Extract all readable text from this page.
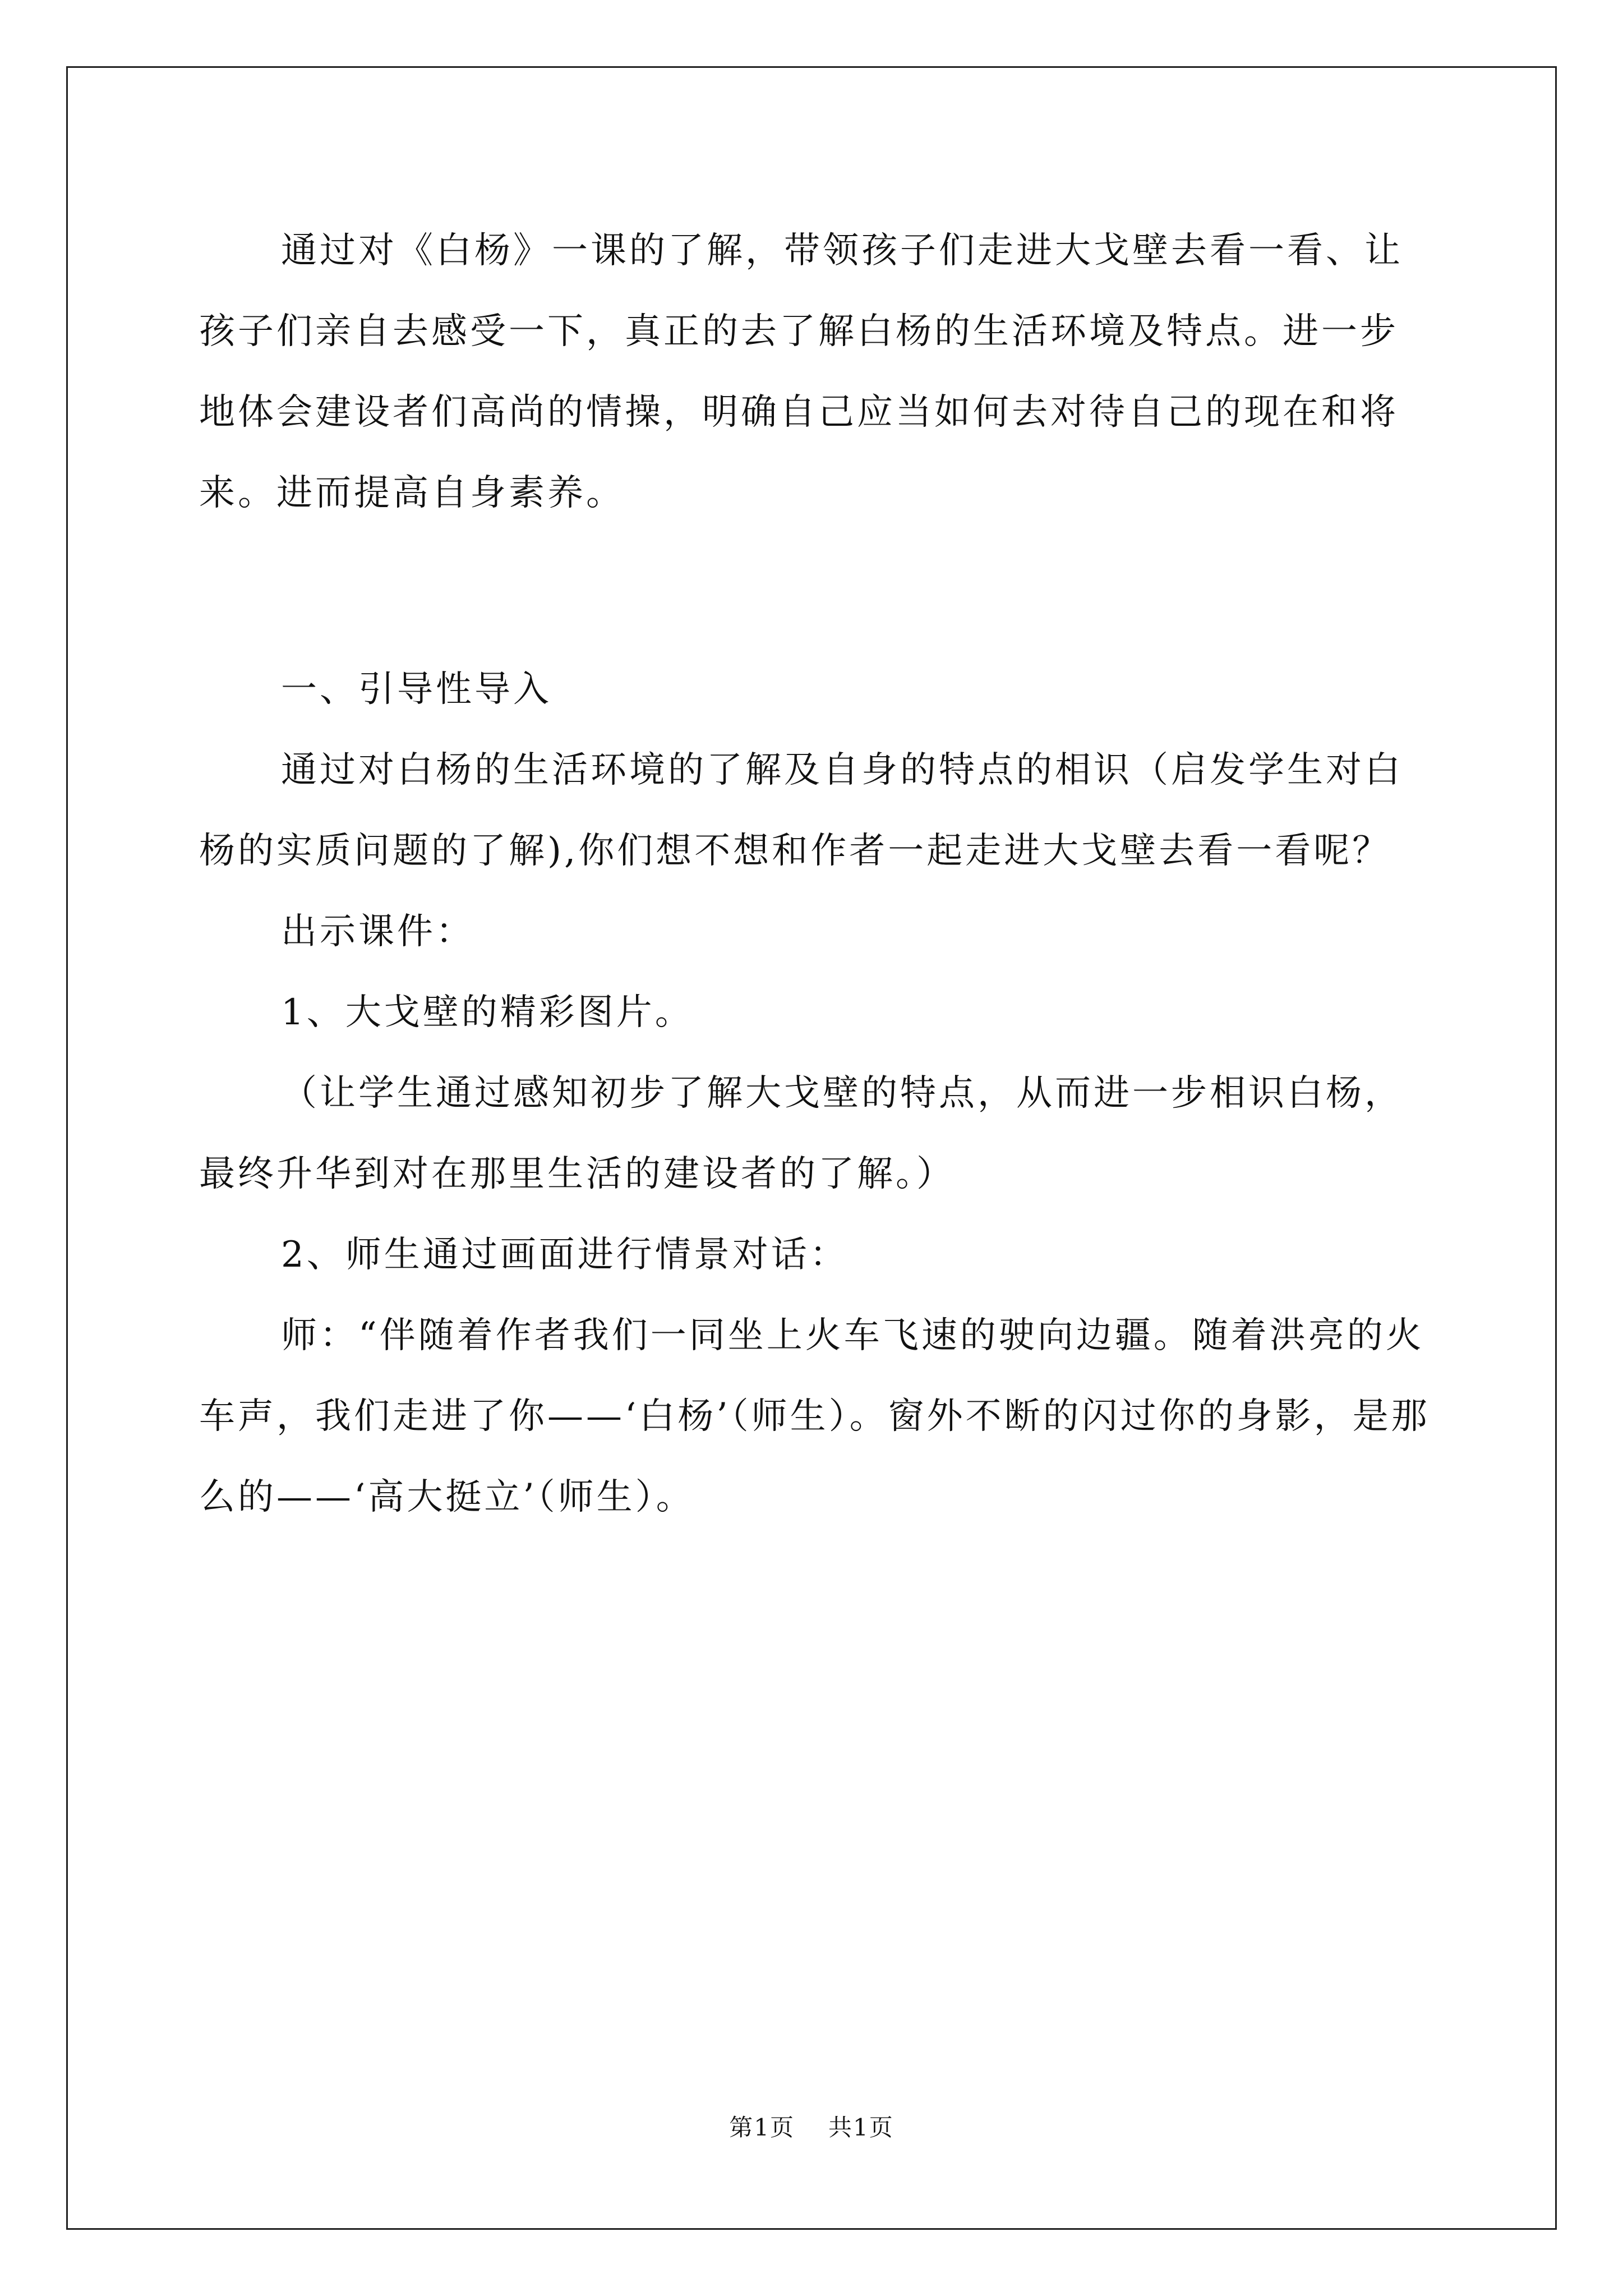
通过对《白杨》一课的了解，带领孩子们走进大戈壁去看一看、让孩子们亲自去感受一下，真正的去了解白杨的生活环境及特点。进一步地体会建设者们高尚的情操，明确自己应当如何去对待自己的现在和将来。进而提高自身素养。

一、引导性导入

通过对白杨的生活环境的了解及自身的特点的相识（启发学生对白杨的实质问题的了解),你们想不想和作者一起走进大戈壁去看一看呢？

出示课件：

1、大戈壁的精彩图片。

（让学生通过感知初步了解大戈壁的特点，从而进一步相识白杨，最终升华到对在那里生活的建设者的了解。）

2、师生通过画面进行情景对话：

师：“伴随着作者我们一同坐上火车飞速的驶向边疆。随着洪亮的火车声，我们走进了你——‘白杨’（师生）。窗外不断的闪过你的身影，是那么的——‘高大挺立’（师生）。

第1页 共1页
